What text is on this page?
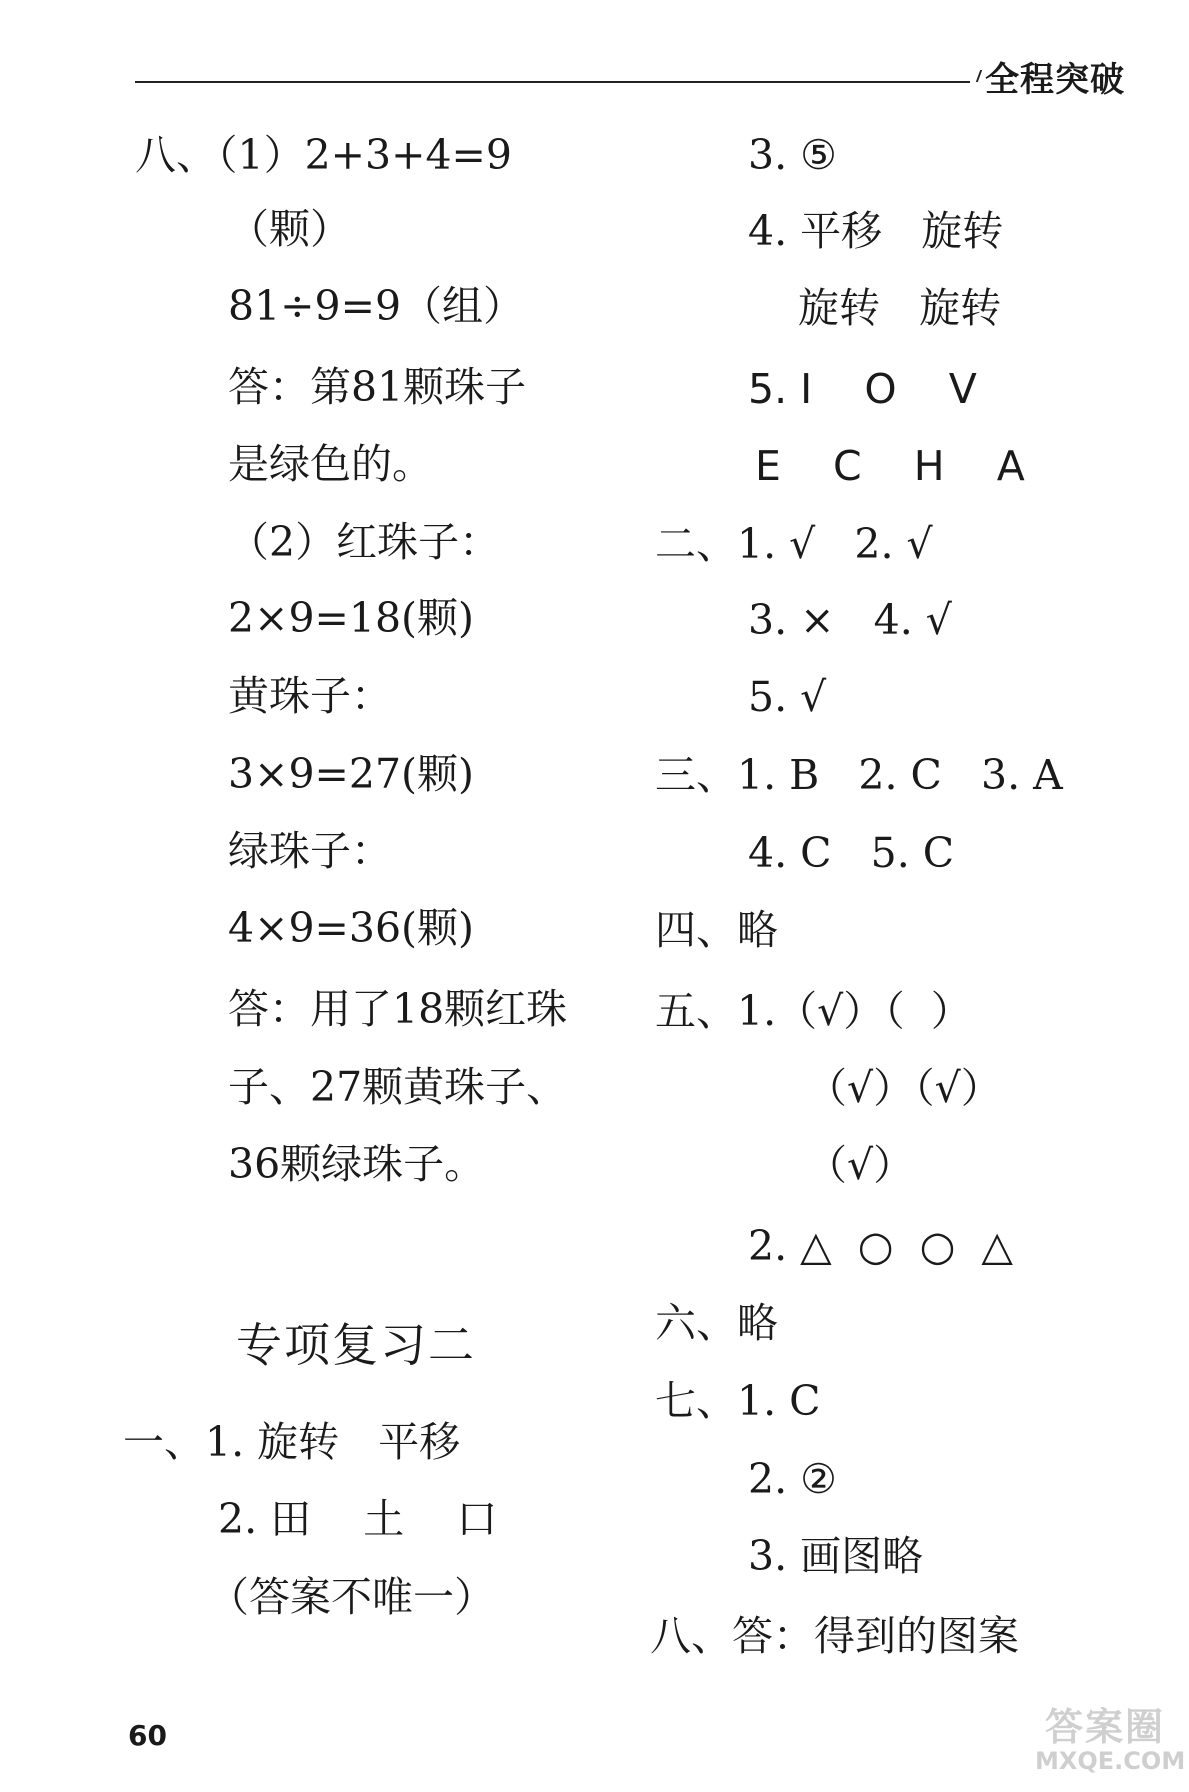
全程突破
八、（1）2+3+4=9
（颗）
81÷9=9（组）
答：第81颗珠子
是绿色的。
（2）红珠子：
2×9=18(颗)
黄珠子：
3×9=27(颗)
绿珠子：
4×9=36(颗)
答：用了18颗红珠
子、27颗黄珠子、
36颗绿珠子。
专项复习二
一、1. 旋转   平移
2. 田    土    口
（答案不唯一）
3. ⑤
4. 平移   旋转
旋转   旋转
5. I    O    V
E    C    H    A
二、1. √   2. √
3. ×   4. √
5. √
三、1. B   2. C   3. A
4. C   5. C
四、略
五、1.（√）（  ）
（√）（√）
（√）
2. △  ○  ○  △
六、略
七、1. C
2. ②
3. 画图略
八、答：得到的图案
60	答案圈
MXQE.COM
